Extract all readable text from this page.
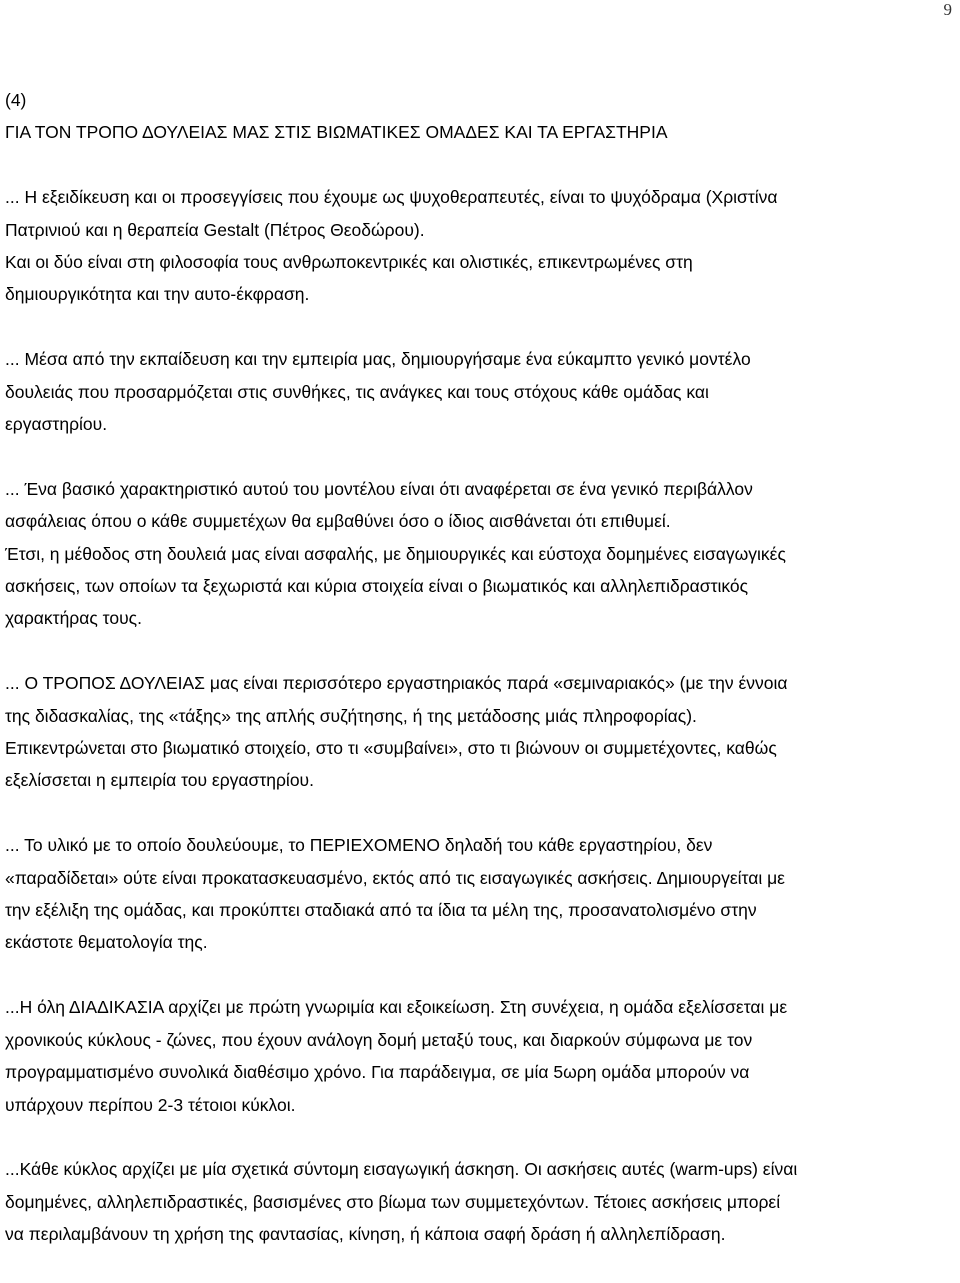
9
(4)
ΓΙΑ ΤΟΝ ΤΡΟΠΟ ΔΟΥΛΕΙΑΣ ΜΑΣ ΣΤΙΣ ΒΙΩΜΑΤΙΚΕΣ ΟΜΑΔΕΣ ΚΑΙ ΤΑ ΕΡΓΑΣΤΗΡΙΑ
... Η εξειδίκευση και οι προσεγγίσεις που έχουμε ως ψυχοθεραπευτές, είναι το ψυχόδραμα (Χριστίνα
Πατρινιού και η θεραπεία Gestalt (Πέτρος Θεοδώρου).
Και οι δύο είναι στη φιλοσοφία τους ανθρωποκεντρικές και ολιστικές, επικεντρωμένες στη
δημιουργικότητα και την αυτο-έκφραση.
... Μέσα από την εκπαίδευση και την εμπειρία μας, δημιουργήσαμε ένα εύκαμπτο γενικό μοντέλο
δουλειάς που προσαρμόζεται στις συνθήκες, τις ανάγκες και τους στόχους κάθε ομάδας και
εργαστηρίου.
... Ένα βασικό χαρακτηριστικό αυτού του μοντέλου είναι ότι αναφέρεται σε ένα γενικό περιβάλλον
ασφάλειας όπου ο κάθε συμμετέχων θα εμβαθύνει όσο ο ίδιος αισθάνεται ότι επιθυμεί.
Έτσι, η μέθοδος στη δουλειά μας είναι ασφαλής, με δημιουργικές και εύστοχα δομημένες εισαγωγικές
ασκήσεις, των οποίων τα ξεχωριστά και κύρια στοιχεία είναι ο βιωματικός και αλληλεπιδραστικός
χαρακτήρας τους.
... Ο ΤΡΟΠΟΣ ΔΟΥΛΕΙΑΣ μας είναι περισσότερο εργαστηριακός παρά «σεμιναριακός» (με την έννοια
της διδασκαλίας, της «τάξης» της απλής συζήτησης, ή της μετάδοσης μιάς πληροφορίας).
Επικεντρώνεται στο βιωματικό στοιχείο, στο τι «συμβαίνει», στο τι βιώνουν οι συμμετέχοντες, καθώς
εξελίσσεται η εμπειρία του εργαστηρίου.
... Το υλικό με το οποίο δουλεύουμε, το ΠΕΡΙΕΧΟΜΕΝΟ δηλαδή του κάθε εργαστηρίου, δεν
«παραδίδεται» ούτε είναι προκατασκευασμένο, εκτός από τις εισαγωγικές ασκήσεις. Δημιουργείται με
την εξέλιξη της ομάδας, και προκύπτει σταδιακά από τα ίδια τα μέλη της, προσανατολισμένο στην
εκάστοτε θεματολογία της.
...Η όλη ΔΙΑΔΙΚΑΣΙΑ αρχίζει με πρώτη γνωριμία και εξοικείωση. Στη συνέχεια, η ομάδα εξελίσσεται με
χρονικούς κύκλους - ζώνες, που έχουν ανάλογη δομή μεταξύ τους, και διαρκούν σύμφωνα με τον
προγραμματισμένο συνολικά διαθέσιμο χρόνο. Για παράδειγμα, σε μία 5ωρη ομάδα μπορούν να
υπάρχουν περίπου 2-3 τέτοιοι κύκλοι.
...Κάθε κύκλος αρχίζει με μία σχετικά σύντομη εισαγωγική άσκηση. Οι ασκήσεις αυτές (warm-ups) είναι
δομημένες, αλληλεπιδραστικές, βασισμένες στο βίωμα των συμμετεχόντων. Τέτοιες ασκήσεις μπορεί
να περιλαμβάνουν τη χρήση της φαντασίας, κίνηση, ή κάποια σαφή δράση ή αλληλεπίδραση.
